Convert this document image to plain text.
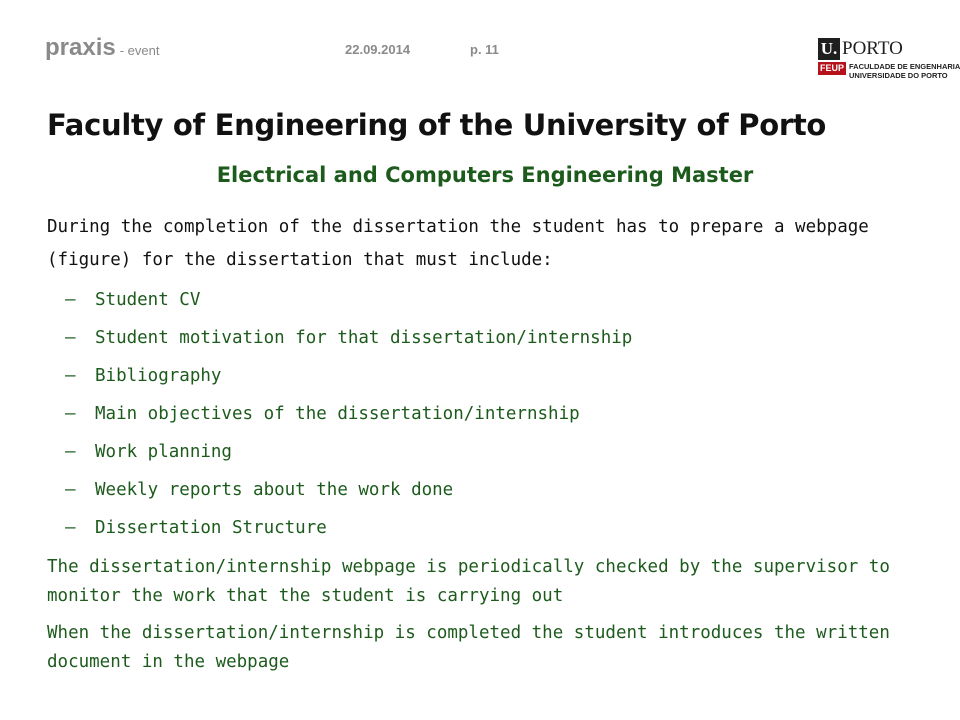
praxis - event	22.09.2014	p. 11	U. PORTO
FEUP FACULDADE DE ENGENHARIA
UNIVERSIDADE DO PORTO
Faculty of Engineering of the University of Porto
Electrical and Computers Engineering Master

During the completion of the dissertation the student has to prepare a webpage (figure) for the dissertation that must include:

–	Student CV
–	Student motivation for that dissertation/internship
–	Bibliography
–	Main objectives of the dissertation/internship
–	Work planning
–	Weekly reports about the work done
–	Dissertation Structure

The dissertation/internship webpage is periodically checked by the supervisor to monitor the work that the student is carrying out

When the dissertation/internship is completed the student introduces the written document in the webpage
